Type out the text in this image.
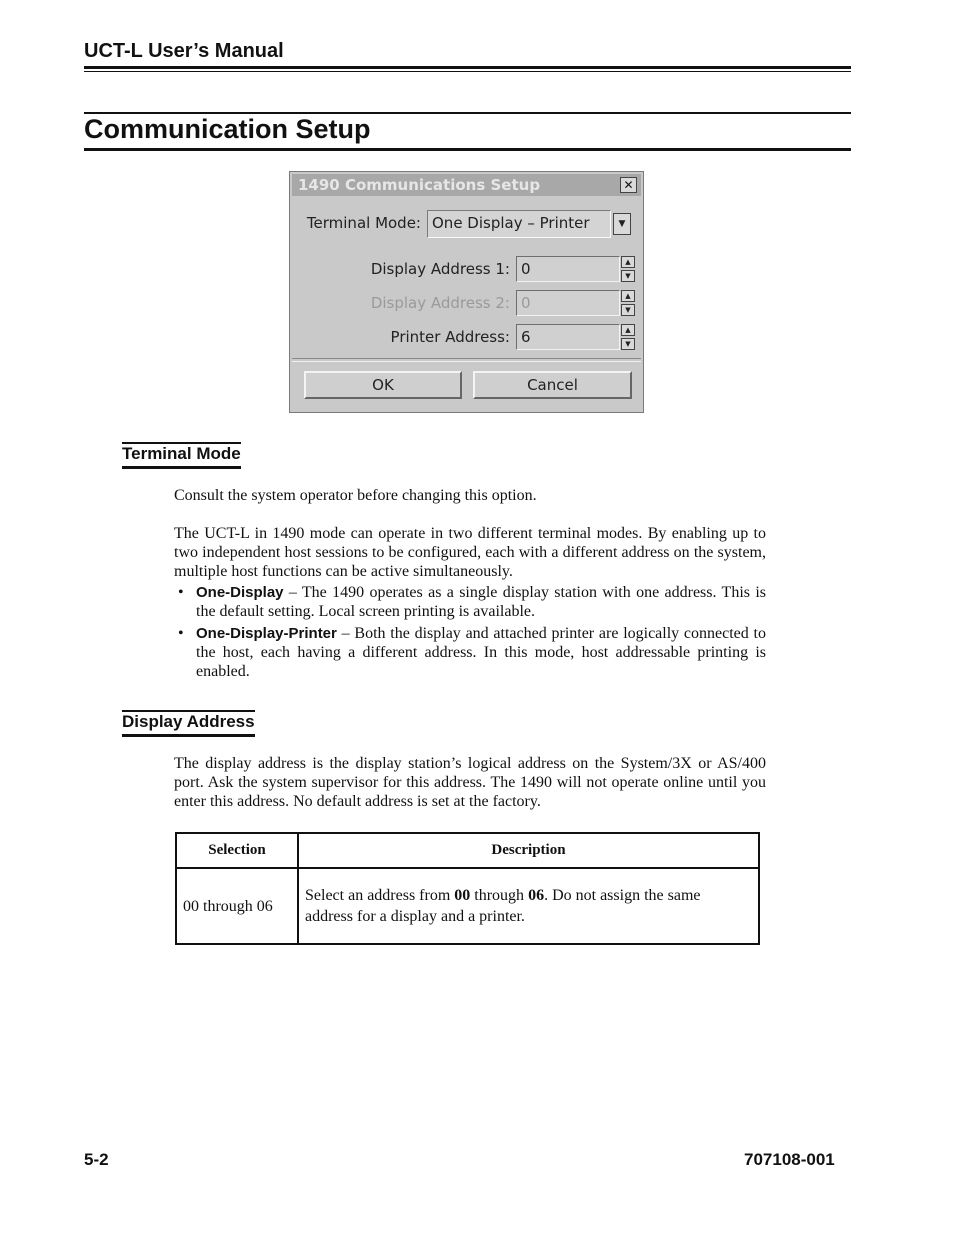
UCT-L User’s Manual
Communication Setup
1490 Communications Setup	✕
Terminal Mode: One Display – Printer	▼
Display Address 1: 0	▲
▼
Display Address 2: 0	▲
▼
Printer Address: 6	▲
▼
OK	Cancel
Terminal Mode
Consult the system operator before changing this option.
The UCT-L in 1490 mode can operate in two different terminal modes. By enabling up to two independent host sessions to be configured, each with a different address on the system, multiple host functions can be active simultaneously.
• One-Display – The 1490 operates as a single display station with one address. This is the default setting. Local screen printing is available.
• One-Display-Printer – Both the display and attached printer are logically connected to the host, each having a different address. In this mode, host addressable printing is enabled.
Display Address
The display address is the display station’s logical address on the System/3X or AS/400 port. Ask the system supervisor for this address. The 1490 will not operate online until you enter this address. No default address is set at the factory.
Selection	Description
00 through 06	Select an address from 00 through 06. Do not assign the same address for a display and a printer.
5-2	707108-001
